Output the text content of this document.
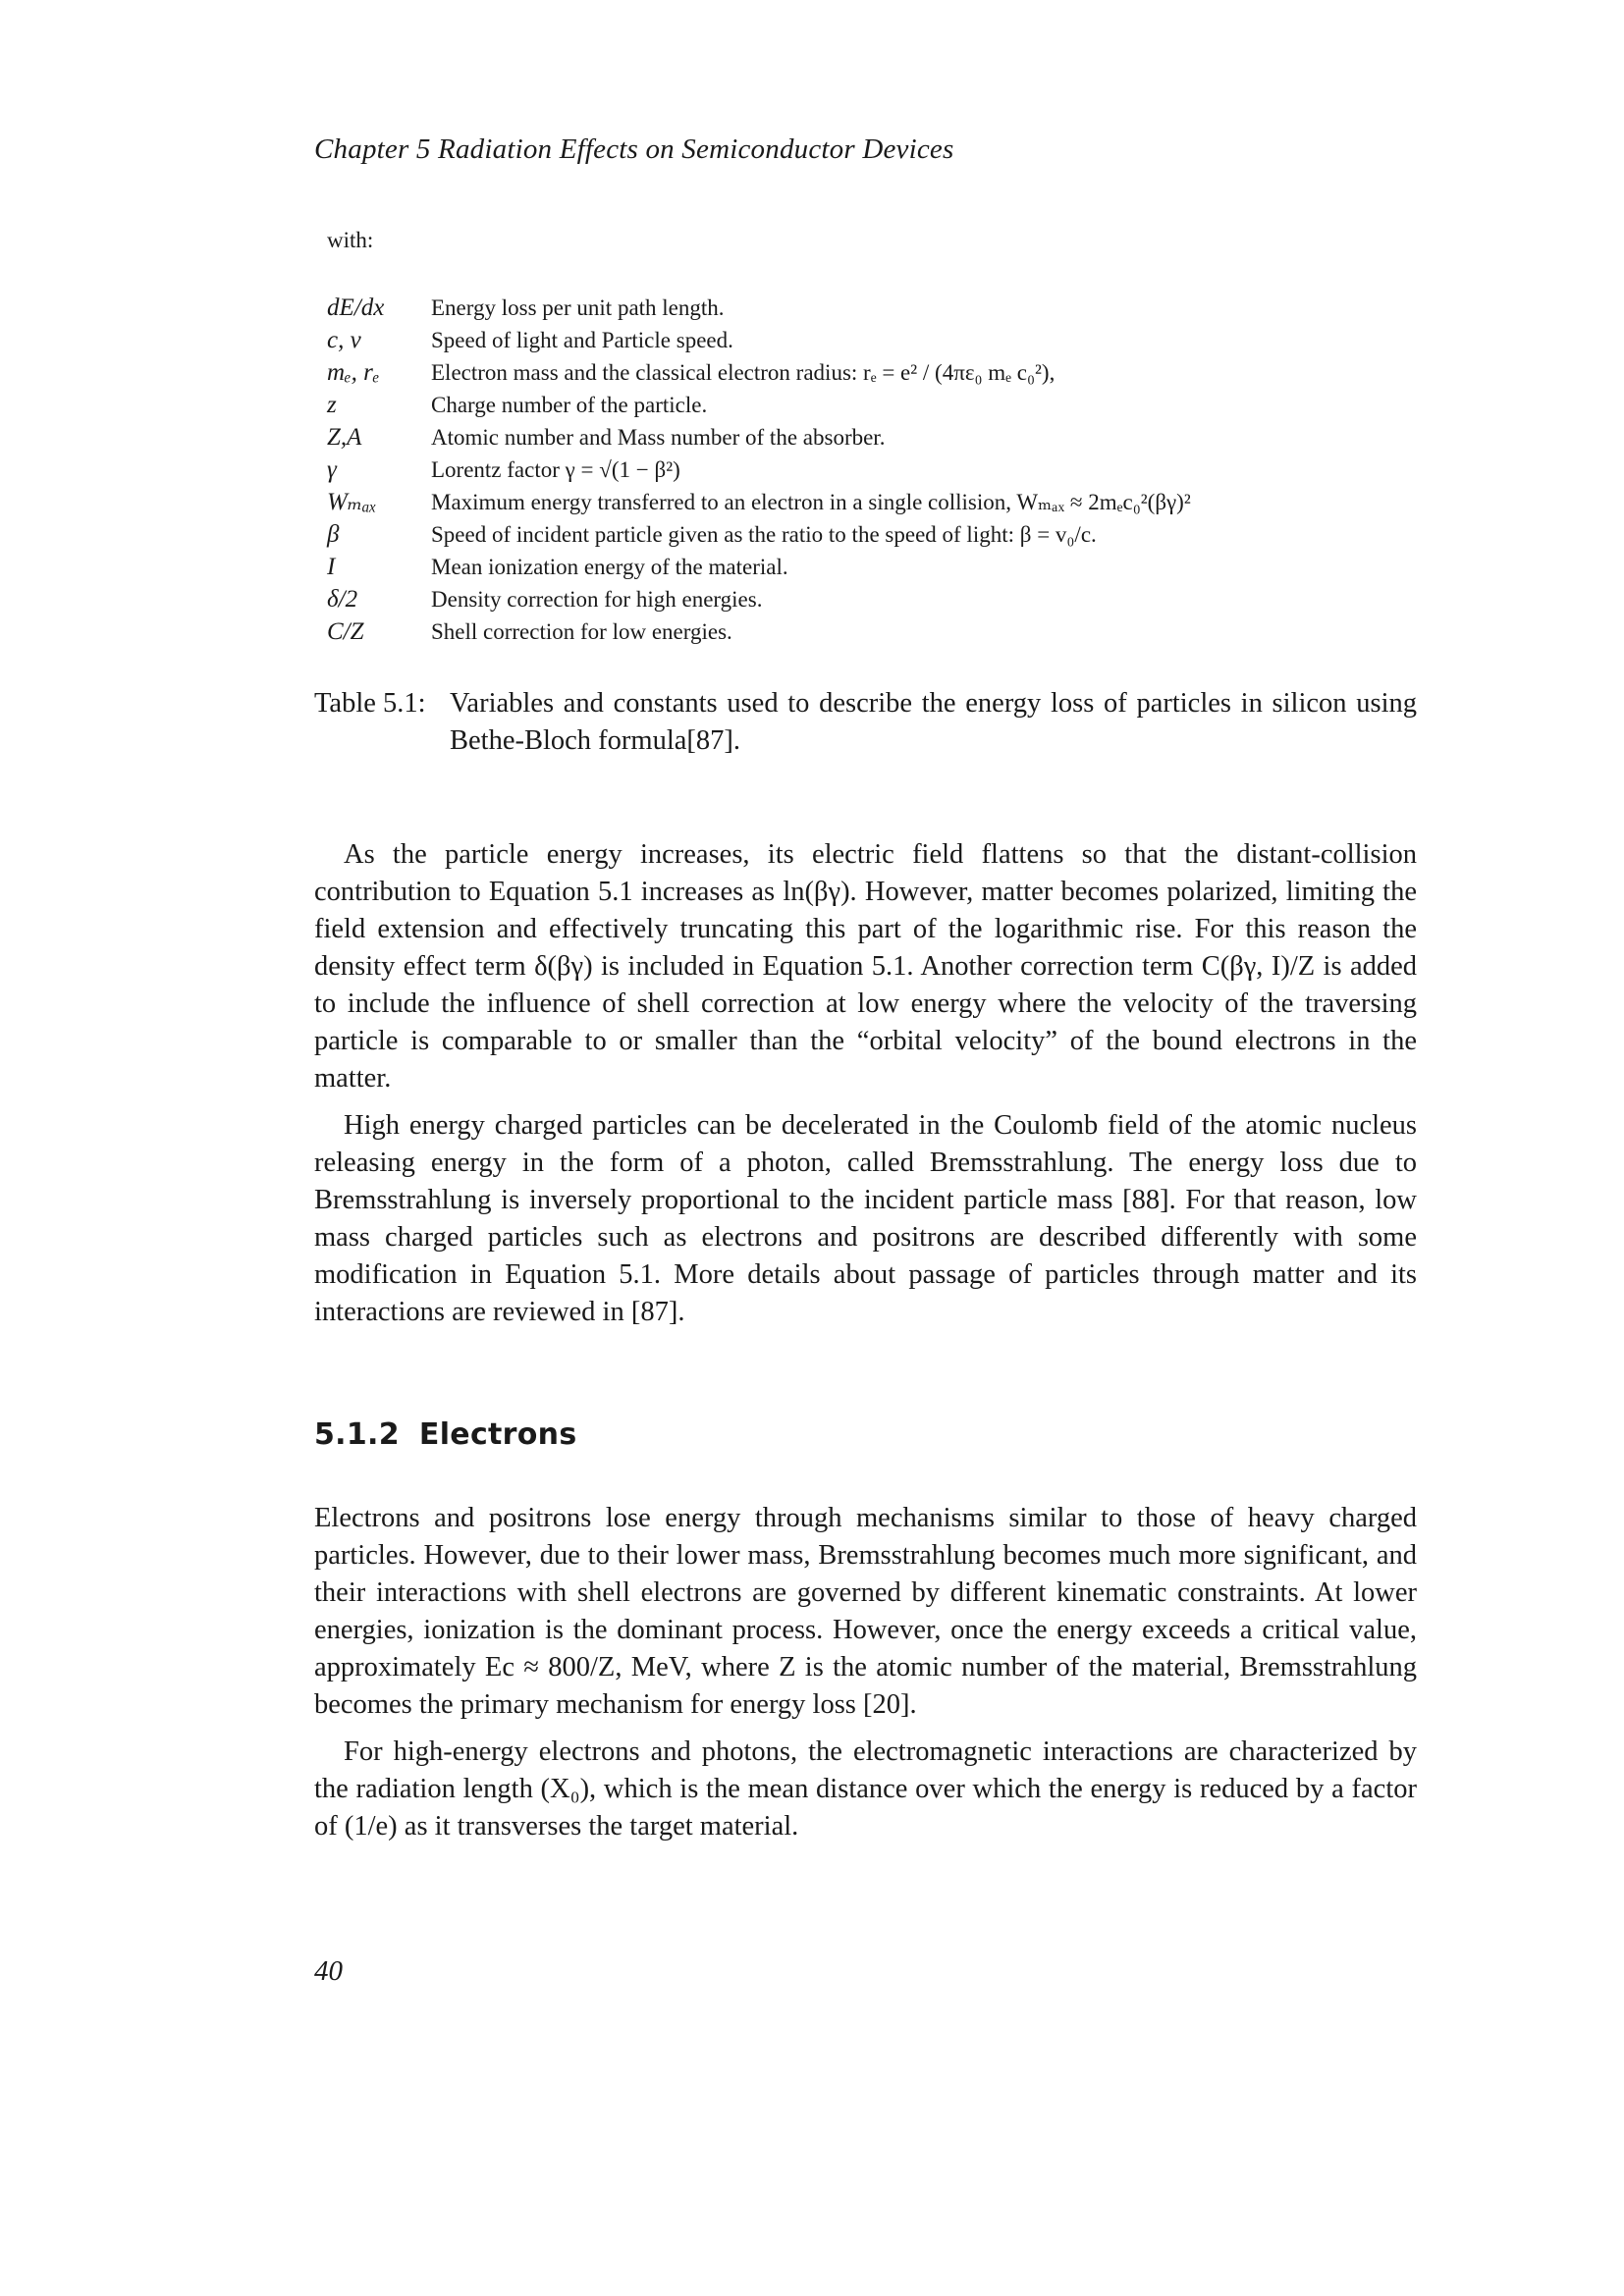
Chapter 5 Radiation Effects on Semiconductor Devices
with:
dE/dx	Energy loss per unit path length.
c, v	Speed of light and Particle speed.
mₑ, rₑ	Electron mass and the classical electron radius: rₑ = e² / (4πε₀ mₑ c₀²),
z	Charge number of the particle.
Z,A	Atomic number and Mass number of the absorber.
γ	Lorentz factor γ = √(1 − β²)
Wₘₐₓ	Maximum energy transferred to an electron in a single collision, Wₘₐₓ ≈ 2mₑc₀²(βγ)²
β	Speed of incident particle given as the ratio to the speed of light: β = v₀/c.
I	Mean ionization energy of the material.
δ/2	Density correction for high energies.
C/Z	Shell correction for low energies.
Table 5.1: Variables and constants used to describe the energy loss of particles in silicon using Bethe-Bloch formula[87].

As the particle energy increases, its electric field flattens so that the distant-collision contribution to Equation 5.1 increases as ln(βγ). However, matter becomes polarized, limiting the field extension and effectively truncating this part of the logarithmic rise. For this reason the density effect term δ(βγ) is included in Equation 5.1. Another correction term C(βγ, I)/Z is added to include the influence of shell correction at low energy where the velocity of the traversing particle is comparable to or smaller than the “orbital velocity” of the bound electrons in the matter.

High energy charged particles can be decelerated in the Coulomb field of the atomic nucleus releasing energy in the form of a photon, called Bremsstrahlung. The energy loss due to Bremsstrahlung is inversely proportional to the incident particle mass [88]. For that reason, low mass charged particles such as electrons and positrons are described differently with some modification in Equation 5.1. More details about passage of particles through matter and its interactions are reviewed in [87].

5.1.2 Electrons

Electrons and positrons lose energy through mechanisms similar to those of heavy charged particles. However, due to their lower mass, Bremsstrahlung becomes much more significant, and their interactions with shell electrons are governed by different kinematic constraints. At lower energies, ionization is the dominant process. However, once the energy exceeds a critical value, approximately Ec ≈ 800/Z, MeV, where Z is the atomic number of the material, Bremsstrahlung becomes the primary mechanism for energy loss [20].

For high-energy electrons and photons, the electromagnetic interactions are characterized by the radiation length (X₀), which is the mean distance over which the energy is reduced by a factor of (1/e) as it transverses the target material.

40
